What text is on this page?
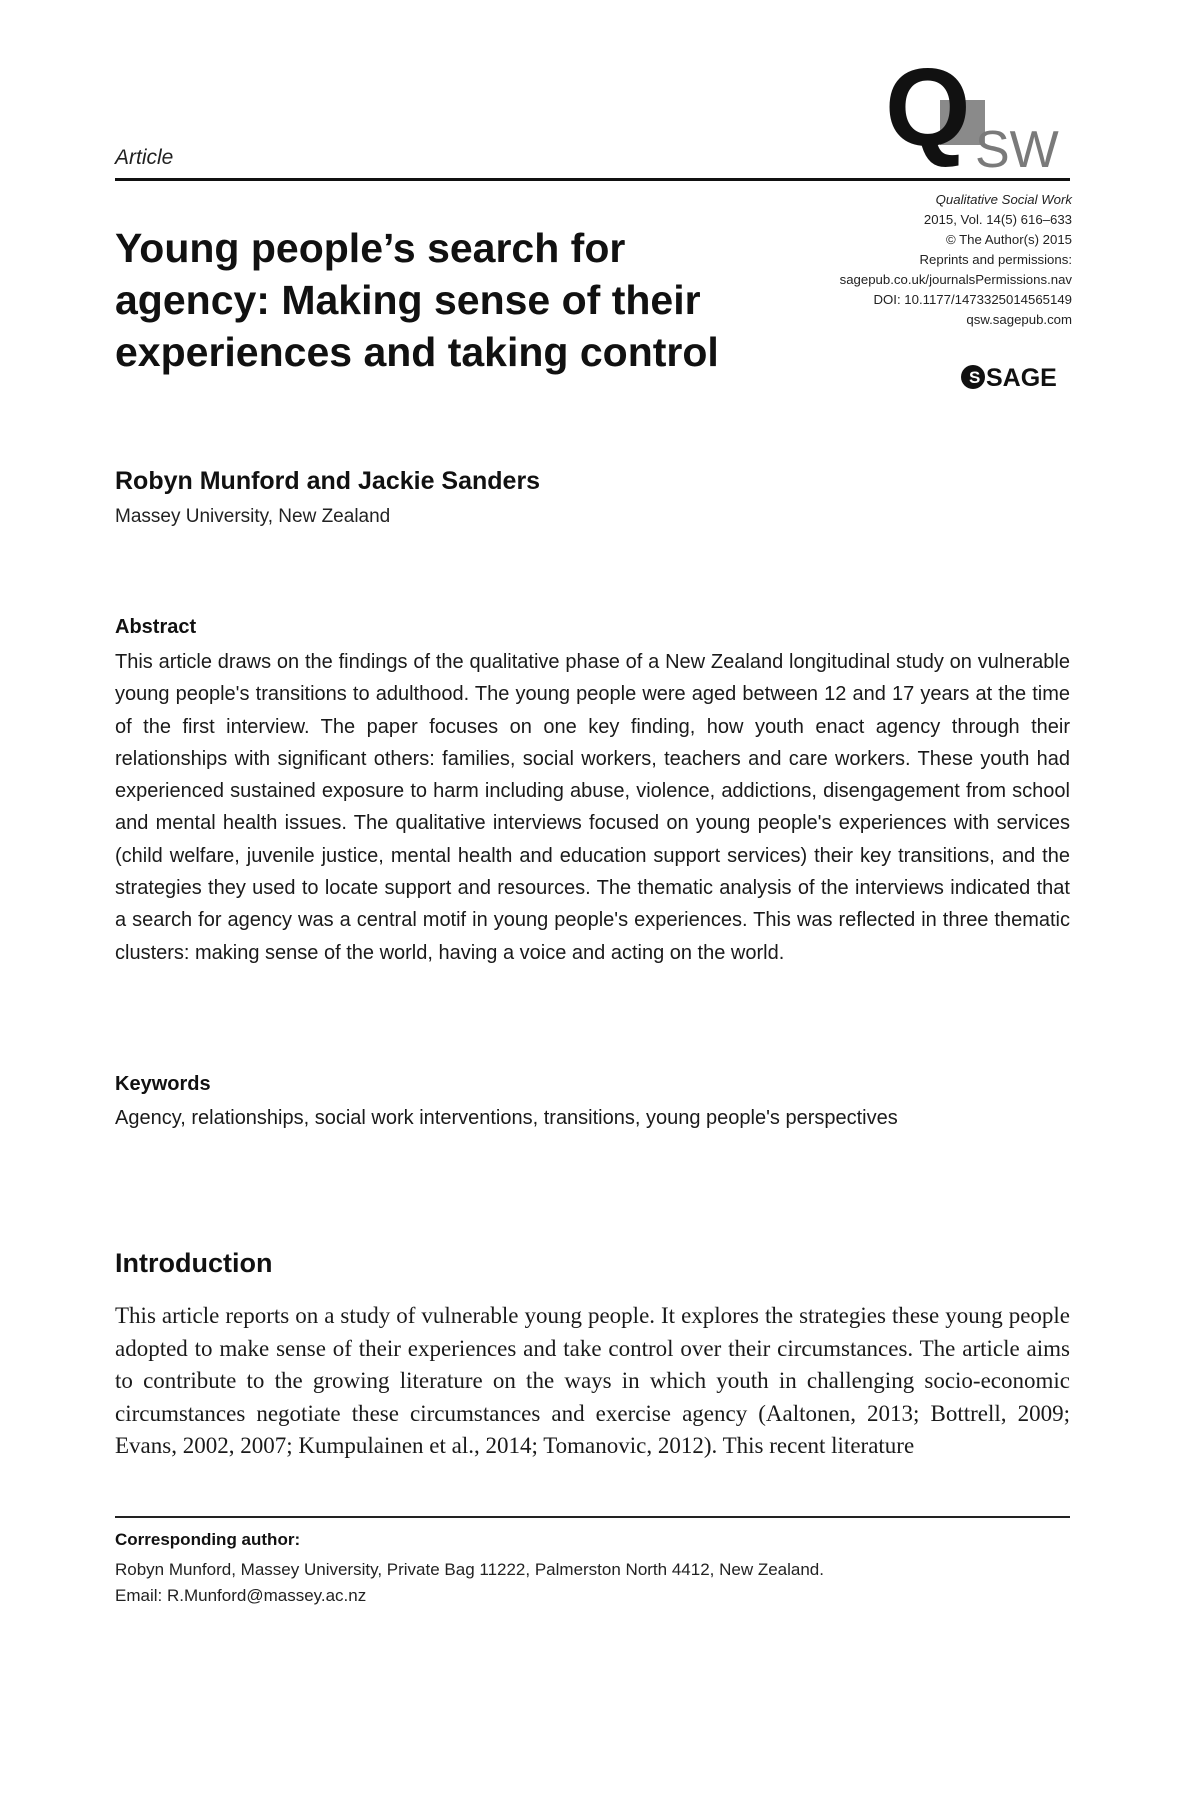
Article	Q SW
Qualitative Social Work
2015, Vol. 14(5) 616–633
© The Author(s) 2015
Reprints and permissions:
sagepub.co.uk/journalsPermissions.nav
DOI: 10.1177/1473325014565149
qsw.sagepub.com
S SAGE
Young people’s search for agency: Making sense of their experiences and taking control
Robyn Munford and Jackie Sanders
Massey University, New Zealand
Abstract

This article draws on the findings of the qualitative phase of a New Zealand longitudinal study on vulnerable young people's transitions to adulthood. The young people were aged between 12 and 17 years at the time of the first interview. The paper focuses on one key finding, how youth enact agency through their relationships with significant others: families, social workers, teachers and care workers. These youth had experienced sustained exposure to harm including abuse, violence, addictions, disengagement from school and mental health issues. The qualitative interviews focused on young people's experiences with services (child welfare, juvenile justice, mental health and education support services) their key transitions, and the strategies they used to locate support and resources. The thematic analysis of the interviews indicated that a search for agency was a central motif in young people's experiences. This was reflected in three thematic clusters: making sense of the world, having a voice and acting on the world.

Keywords

Agency, relationships, social work interventions, transitions, young people's perspectives

Introduction

This article reports on a study of vulnerable young people. It explores the strategies these young people adopted to make sense of their experiences and take control over their circumstances. The article aims to contribute to the growing literature on the ways in which youth in challenging socio-economic circumstances negotiate these circumstances and exercise agency (Aaltonen, 2013; Bottrell, 2009; Evans, 2002, 2007; Kumpulainen et al., 2014; Tomanovic, 2012). This recent literature

Corresponding author:
Robyn Munford, Massey University, Private Bag 11222, Palmerston North 4412, New Zealand.
Email: R.Munford@massey.ac.nz
